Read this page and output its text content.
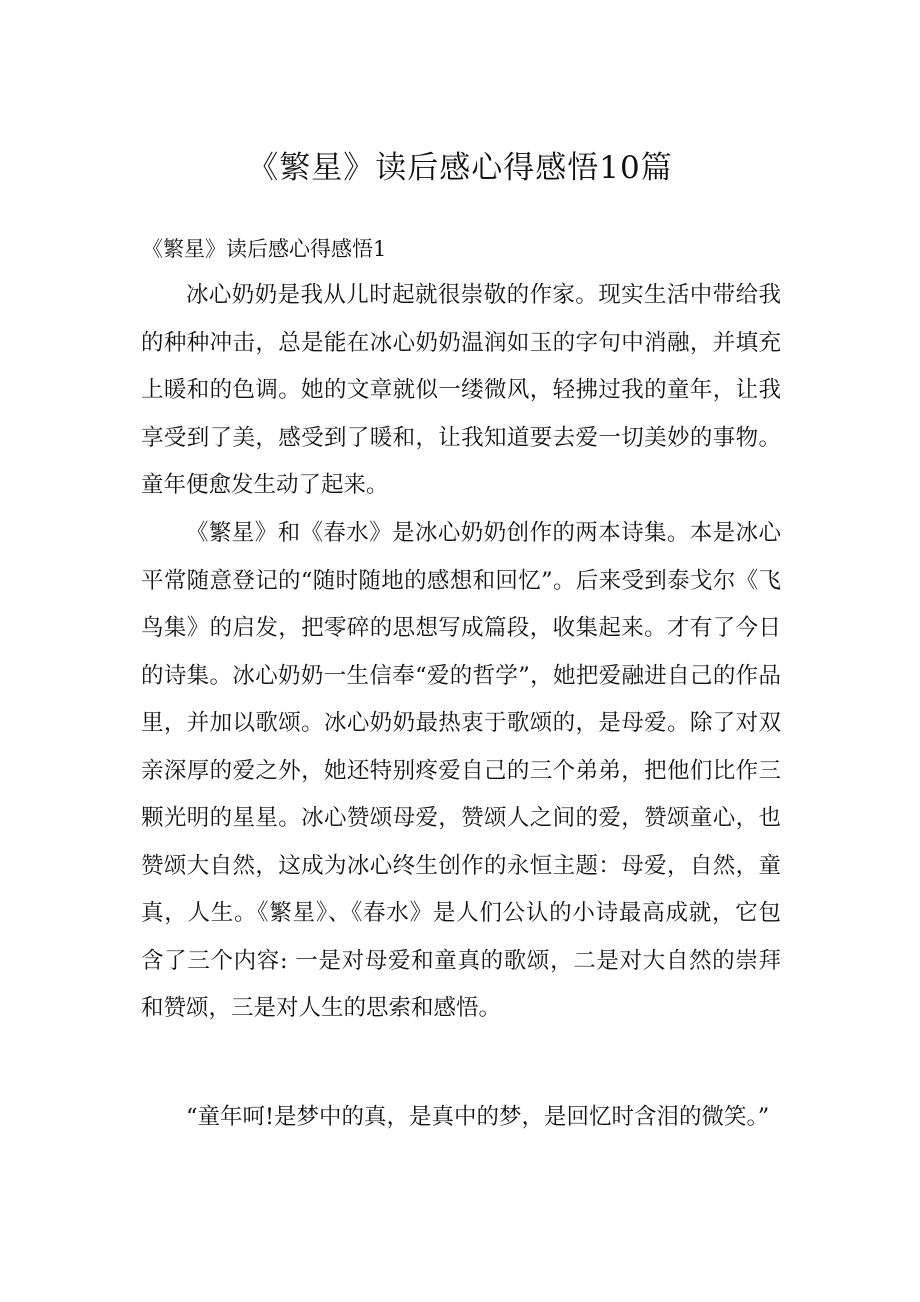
《繁星》读后感心得感悟10篇
《繁星》读后感心得感悟1

冰心奶奶是我从儿时起就很崇敬的作家。现实生活中带给我的种种冲击，总是能在冰心奶奶温润如玉的字句中消融，并填充上暖和的色调。她的文章就似一缕微风，轻拂过我的童年，让我享受到了美，感受到了暖和，让我知道要去爱一切美妙的事物。童年便愈发生动了起来。

《繁星》和《春水》是冰心奶奶创作的两本诗集。本是冰心平常随意登记的“随时随地的感想和回忆”。后来受到泰戈尔《飞鸟集》的启发，把零碎的思想写成篇段，收集起来。才有了今日的诗集。冰心奶奶一生信奉“爱的哲学”，她把爱融进自己的作品里，并加以歌颂。冰心奶奶最热衷于歌颂的，是母爱。除了对双亲深厚的爱之外，她还特别疼爱自己的三个弟弟，把他们比作三颗光明的星星。冰心赞颂母爱，赞颂人之间的爱，赞颂童心，也赞颂大自然，这成为冰心终生创作的永恒主题：母爱，自然，童真，人生。《繁星》、《春水》是人们公认的小诗最高成就，它包含了三个内容: 一是对母爱和童真的歌颂，二是对大自然的崇拜和赞颂，三是对人生的思索和感悟。

“童年呵!是梦中的真，是真中的梦，是回忆时含泪的微笑。”
